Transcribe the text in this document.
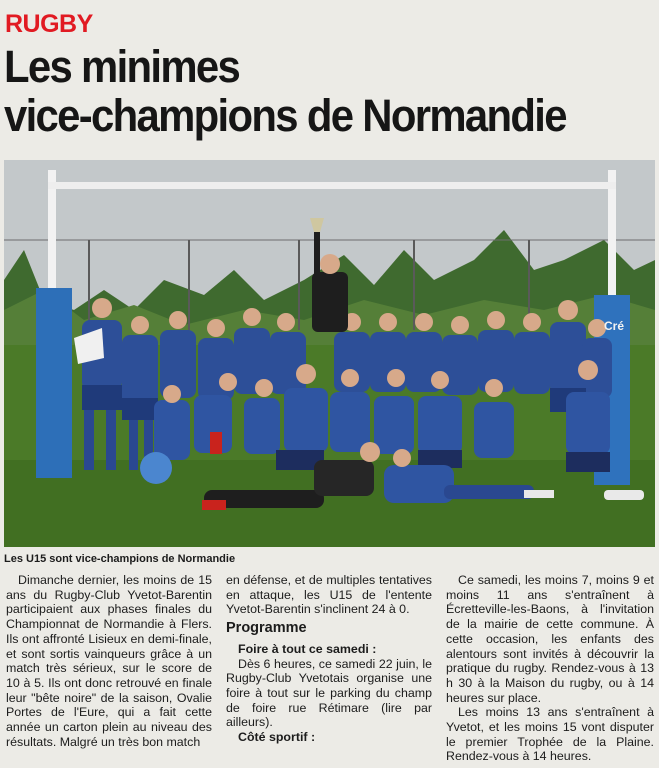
RUGBY
Les minimes
vice-champions de Normandie
Cré
Les U15 sont vice-champions de Normandie

Dimanche dernier, les moins de 15 ans du Rugby-Club Yvetot-Barentin participaient aux phases finales du Championnat de Normandie à Flers. Ils ont affronté Lisieux en demi-finale, et sont sortis vainqueurs grâce à un match très sérieux, sur le score de 10 à 5. Ils ont donc retrouvé en finale leur "bête noire" de la saison, Ovalie Portes de l'Eure, qui a fait cette année un carton plein au niveau des résultats. Malgré un très bon match

en défense, et de multiples tentatives en attaque, les U15 de l'entente Yvetot-Barentin s'inclinent 24 à 0.

Programme
Foire à tout ce samedi :

Dès 6 heures, ce samedi 22 juin, le Rugby-Club Yvetotais organise une foire à tout sur le parking du champ de foire rue Rétimare (lire par ailleurs).

Côté sportif :

Ce samedi, les moins 7, moins 9 et moins 11 ans s'entraînent à Écretteville-les-Baons, à l'invitation de la mairie de cette commune. À cette occasion, les enfants des alentours sont invités à découvrir la pratique du rugby. Rendez-vous à 13 h 30 à la Maison du rugby, ou à 14 heures sur place.

Les moins 13 ans s'entraînent à Yvetot, et les moins 15 vont disputer le premier Trophée de la Plaine. Rendez-vous à 14 heures.
